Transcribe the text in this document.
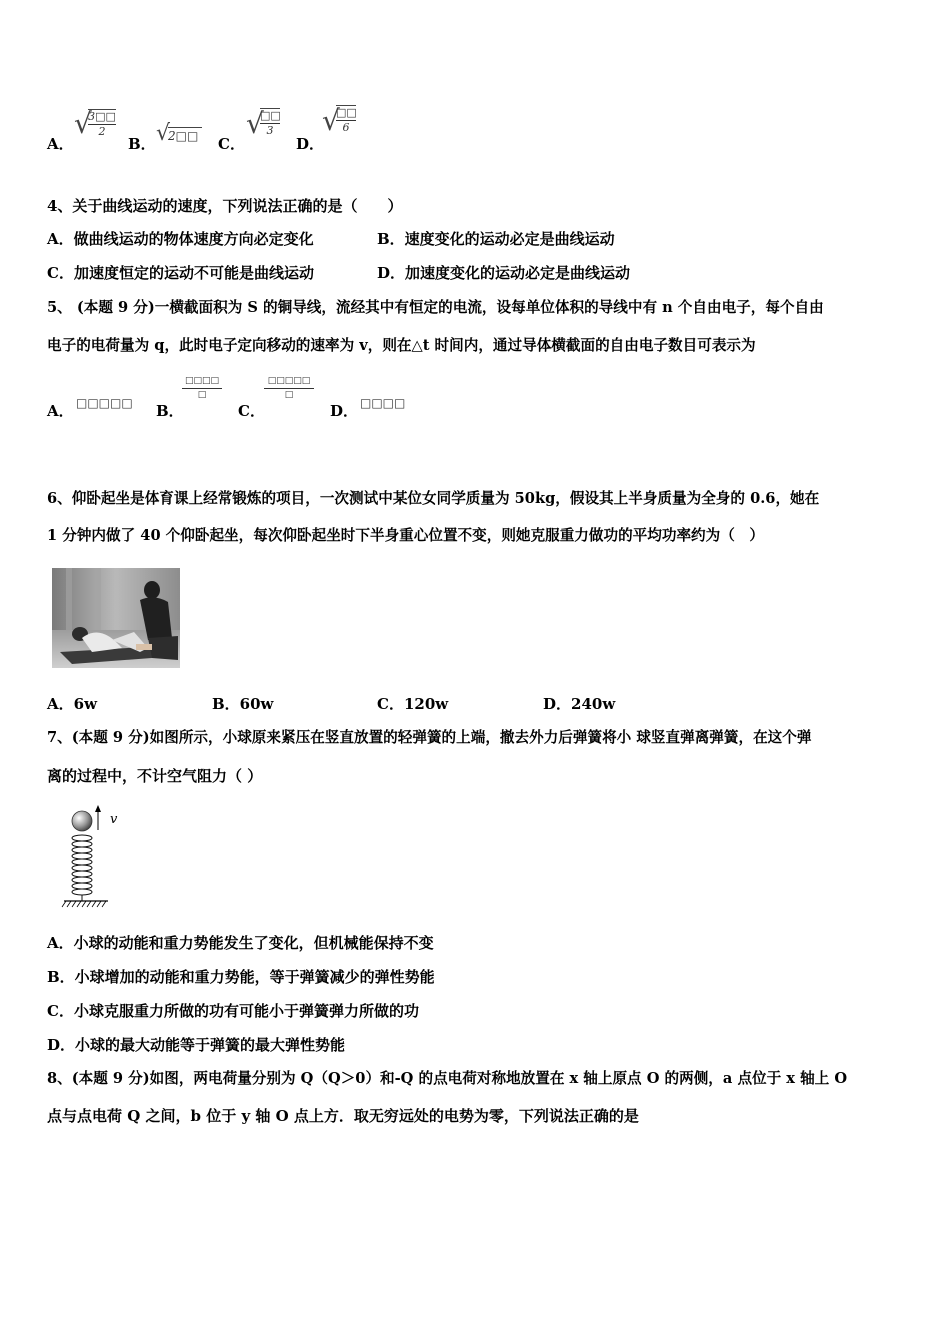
A．
√
3□□
2
B． √
2□□ C．
√
□□
3
D．
√
□□
6
4、关于曲线运动的速度，下列说法正确的是（　　）
A．做曲线运动的物体速度方向必定变化	B．速度变化的运动必定是曲线运动
C．加速度恒定的运动不可能是曲线运动	D．加速度变化的运动必定是曲线运动
5、 (本题 9 分)一横截面积为 S 的铜导线，流经其中有恒定的电流，设每单位体积的导线中有 n 个自由电子，每个自由
电子的电荷量为 q，此时电子定向移动的速率为 v，则在△t 时间内，通过导体横截面的自由电子数目可表示为
A． □□□□□ B．
□□□□
□
C．
□□□□□
□
D． □□□□
6、仰卧起坐是体育课上经常锻炼的项目，一次测试中某位女同学质量为 50kg，假设其上半身质量为全身的 0.6，她在
1 分钟内做了 40 个仰卧起坐，每次仰卧起坐时下半身重心位置不变，则她克服重力做功的平均功率约为（　）
A．6w	B．60w	C．120w	D．240w
7、(本题 9 分)如图所示，小球原来紧压在竖直放置的轻弹簧的上端，撤去外力后弹簧将小 球竖直弹离弹簧，在这个弹
离的过程中，不计空气阻力（ ）
v
A．小球的动能和重力势能发生了变化，但机械能保持不变
B．小球增加的动能和重力势能，等于弹簧减少的弹性势能
C．小球克服重力所做的功有可能小于弹簧弹力所做的功
D．小球的最大动能等于弹簧的最大弹性势能
8、(本题 9 分)如图，两电荷量分别为 Q（Q＞0）和-Q 的点电荷对称地放置在 x 轴上原点 O 的两侧，a 点位于 x 轴上 O
点与点电荷 Q 之间，b 位于 y 轴 O 点上方．取无穷远处的电势为零，下列说法正确的是
